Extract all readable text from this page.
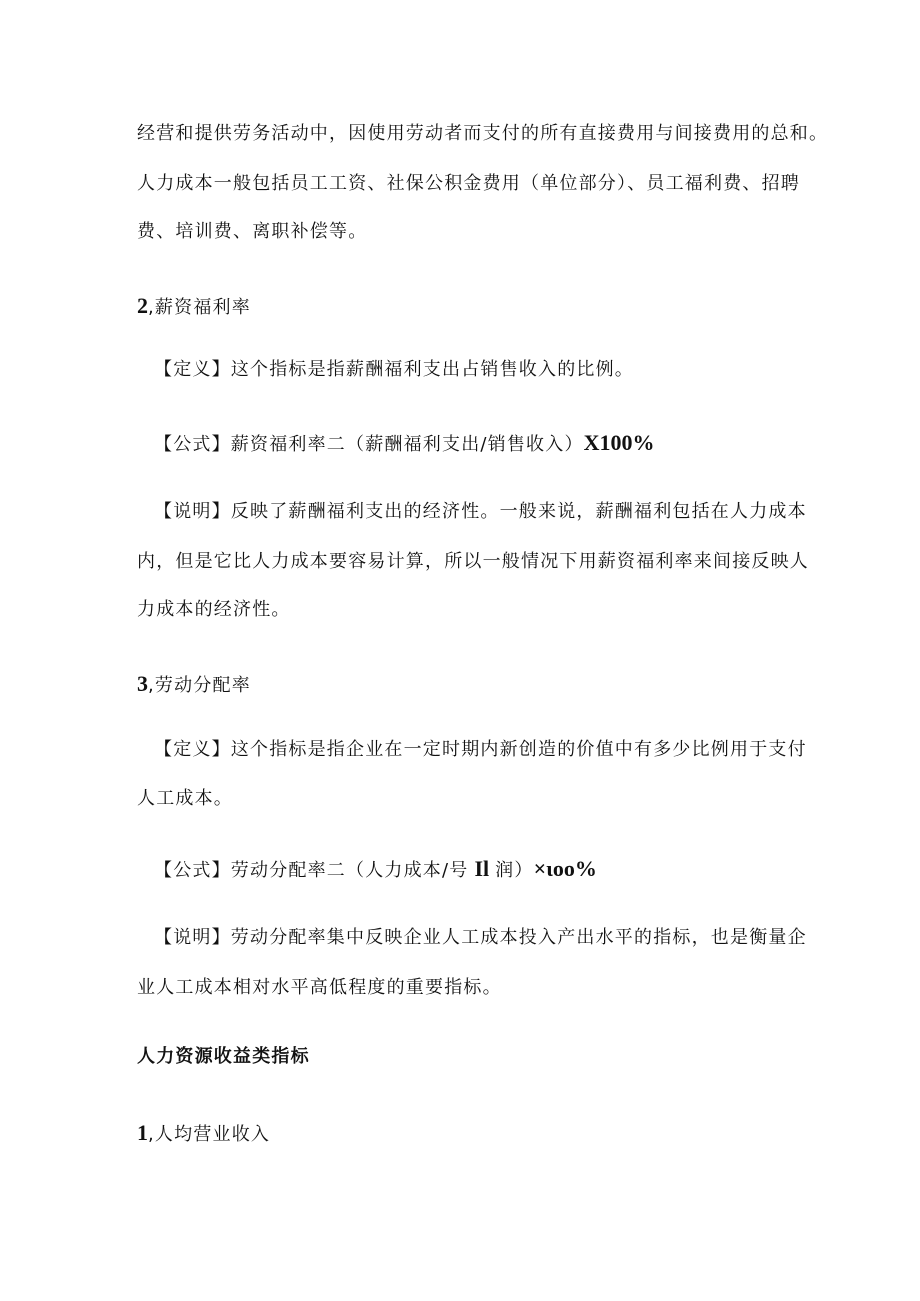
经营和提供劳务活动中，因使用劳动者而支付的所有直接费用与间接费用的总和。
人力成本一般包括员工工资、社保公积金费用（单位部分）、员工福利费、招聘
费、培训费、离职补偿等。
2,薪资福利率
【定义】这个指标是指薪酬福利支出占销售收入的比例。
【公式】薪资福利率二（薪酬福利支出/销售收入）X100%
【说明】反映了薪酬福利支出的经济性。一般来说，薪酬福利包括在人力成本
内，但是它比人力成本要容易计算，所以一般情况下用薪资福利率来间接反映人
力成本的经济性。
3,劳动分配率
【定义】这个指标是指企业在一定时期内新创造的价值中有多少比例用于支付
人工成本。
【公式】劳动分配率二（人力成本/号 Il 润）×ιoo%
【说明】劳动分配率集中反映企业人工成本投入产出水平的指标，也是衡量企
业人工成本相对水平高低程度的重要指标。
人力资源收益类指标
1,人均营业收入
